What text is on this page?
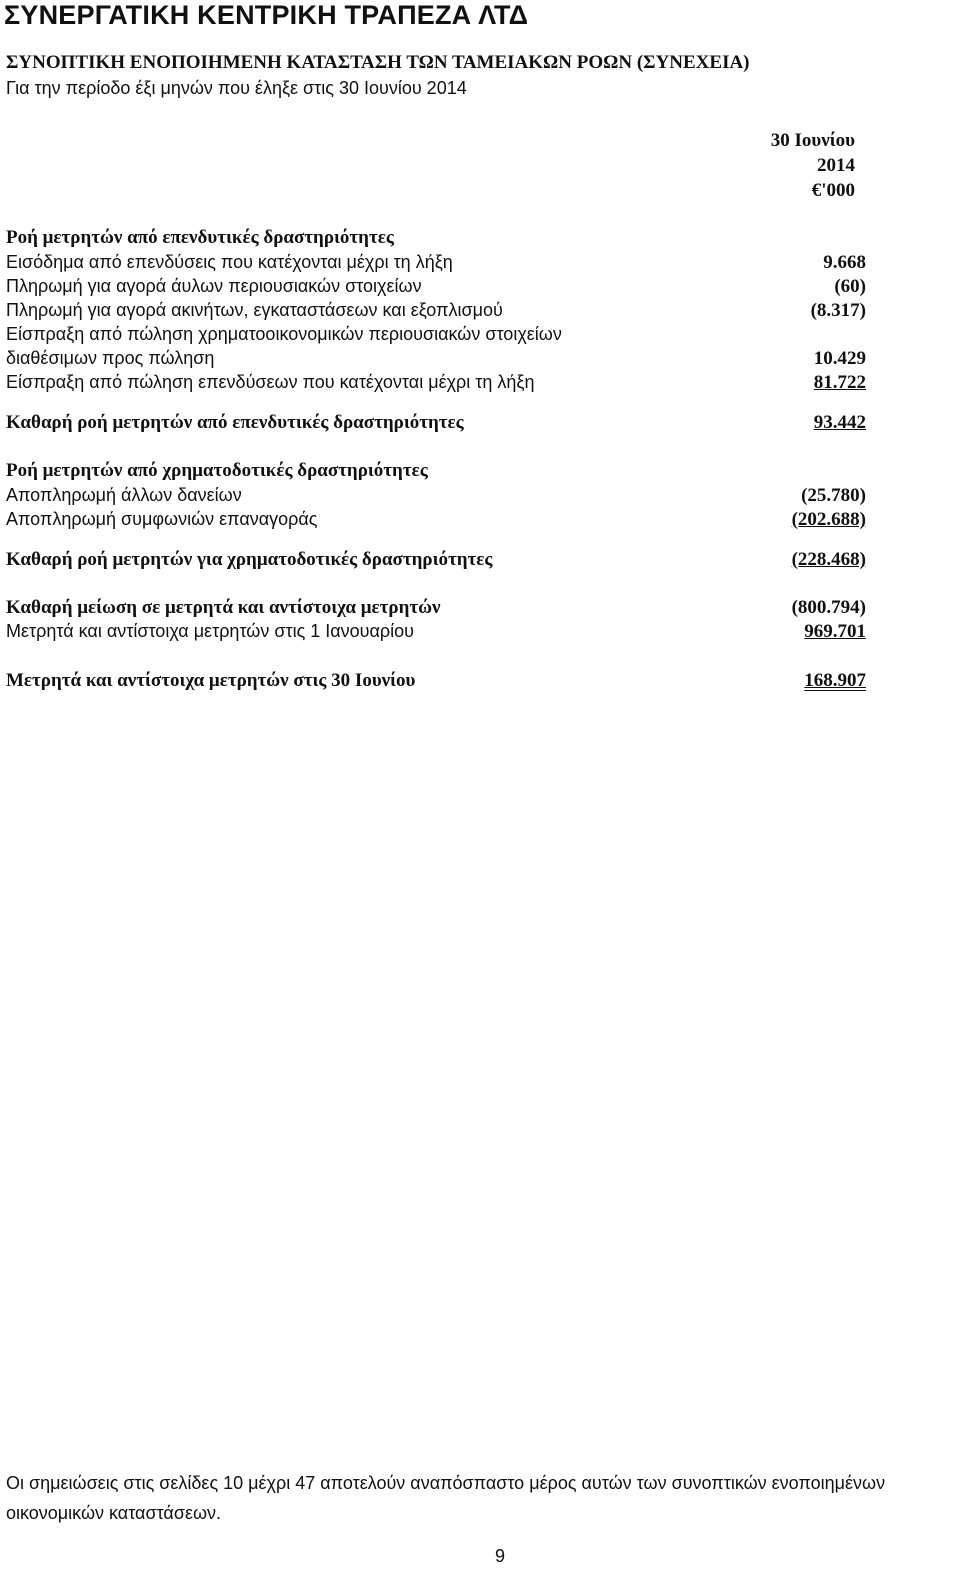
ΣΥΝΕΡΓΑΤΙΚΗ ΚΕΝΤΡΙΚΗ ΤΡΑΠΕΖΑ ΛΤΔ
ΣΥΝΟΠΤΙΚΗ ΕΝΟΠΟΙΗΜΕΝΗ ΚΑΤΑΣΤΑΣΗ ΤΩΝ ΤΑΜΕΙΑΚΩΝ ΡΟΩΝ (ΣΥΝΕΧΕΙΑ)
Για την περίοδο έξι μηνών που έληξε στις 30 Ιουνίου 2014
30 Ιουνίου
2014
€'000
Ροή μετρητών από επενδυτικές δραστηριότητες
Εισόδημα από επενδύσεις που κατέχονται μέχρι τη λήξη	9.668
Πληρωμή για αγορά άυλων περιουσιακών στοιχείων	(60)
Πληρωμή για αγορά ακινήτων, εγκαταστάσεων και εξοπλισμού	(8.317)
Είσπραξη από πώληση χρηματοοικονομικών περιουσιακών στοιχείων
διαθέσιμων προς πώληση	10.429
Είσπραξη από πώληση επενδύσεων που κατέχονται μέχρι τη λήξη	81.722
Καθαρή ροή μετρητών από επενδυτικές δραστηριότητες	93.442
Ροή μετρητών από χρηματοδοτικές δραστηριότητες
Αποπληρωμή άλλων δανείων	(25.780)
Αποπληρωμή συμφωνιών επαναγοράς	(202.688)
Καθαρή ροή μετρητών για χρηματοδοτικές δραστηριότητες	(228.468)
Καθαρή μείωση σε μετρητά και αντίστοιχα μετρητών	(800.794)
Μετρητά και αντίστοιχα μετρητών στις 1 Ιανουαρίου	969.701
Μετρητά και αντίστοιχα μετρητών στις 30 Ιουνίου	168.907
Οι σημειώσεις στις σελίδες 10 μέχρι 47 αποτελούν αναπόσπαστο μέρος αυτών των συνοπτικών ενοποιημένων οικονομικών καταστάσεων.
9
